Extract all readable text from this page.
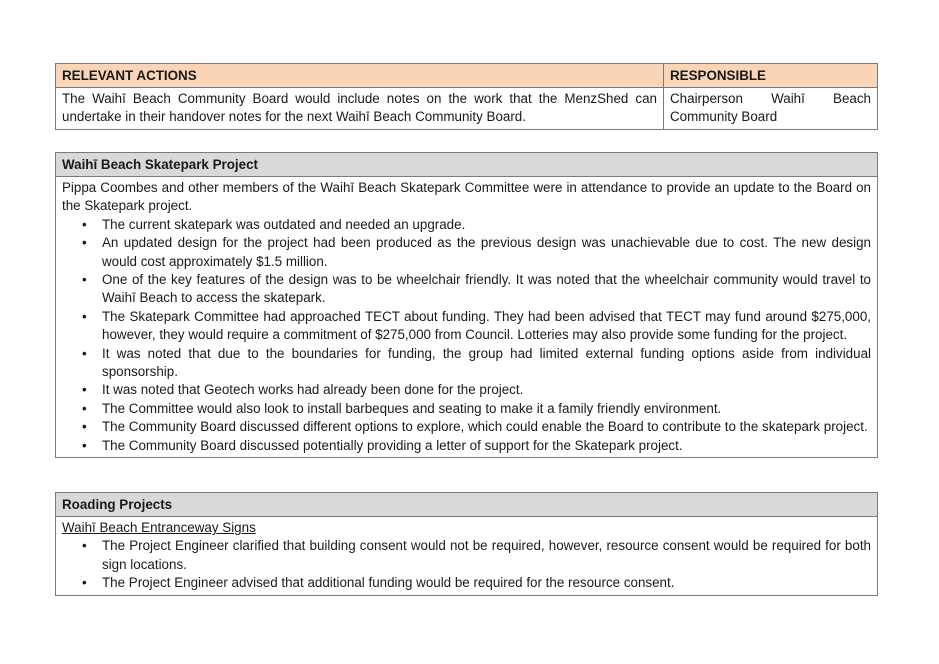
RELEVANT ACTIONS	RESPONSIBLE
The Waihī Beach Community Board would include notes on the work that the MenzShed can undertake in their handover notes for the next Waihī Beach Community Board.	Chairperson Waihī Beach Community Board
Waihī Beach Skatepark Project

Pippa Coombes and other members of the Waihī Beach Skatepark Committee were in attendance to provide an update to the Board on the Skatepark project.

• The current skatepark was outdated and needed an upgrade.
• An updated design for the project had been produced as the previous design was unachievable due to cost. The new design would cost approximately $1.5 million.
• One of the key features of the design was to be wheelchair friendly. It was noted that the wheelchair community would travel to Waihī Beach to access the skatepark.
• The Skatepark Committee had approached TECT about funding. They had been advised that TECT may fund around $275,000, however, they would require a commitment of $275,000 from Council. Lotteries may also provide some funding for the project.
• It was noted that due to the boundaries for funding, the group had limited external funding options aside from individual sponsorship.
• It was noted that Geotech works had already been done for the project.
• The Committee would also look to install barbeques and seating to make it a family friendly environment.
• The Community Board discussed different options to explore, which could enable the Board to contribute to the skatepark project.
• The Community Board discussed potentially providing a letter of support for the Skatepark project.
Roading Projects

Waihī Beach Entranceway Signs

• The Project Engineer clarified that building consent would not be required, however, resource consent would be required for both sign locations.
• The Project Engineer advised that additional funding would be required for the resource consent.
